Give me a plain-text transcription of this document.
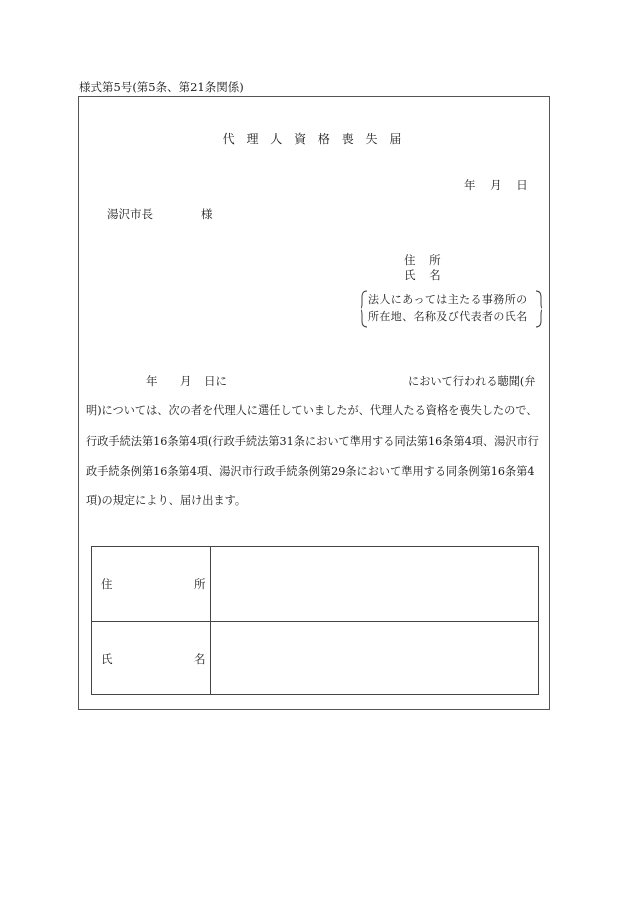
様式第5号(第5条、第21条関係)
代 理 人 資 格 喪 失 届
年 月 日
湯沢市長	様
住 所
氏 名
法人にあっては主たる事務所の
所在地、名称及び代表者の氏名
年 月 日に	において行われる聴聞(弁
明)については、次の者を代理人に選任していましたが、代理人たる資格を喪失したので、
行政手続法第16条第4項(行政手続法第31条において準用する同法第16条第4項、湯沢市行
政手続条例第16条第4項、湯沢市行政手続条例第29条において準用する同条例第16条第4
項)の規定により、届け出ます。
住	所
氏	名
